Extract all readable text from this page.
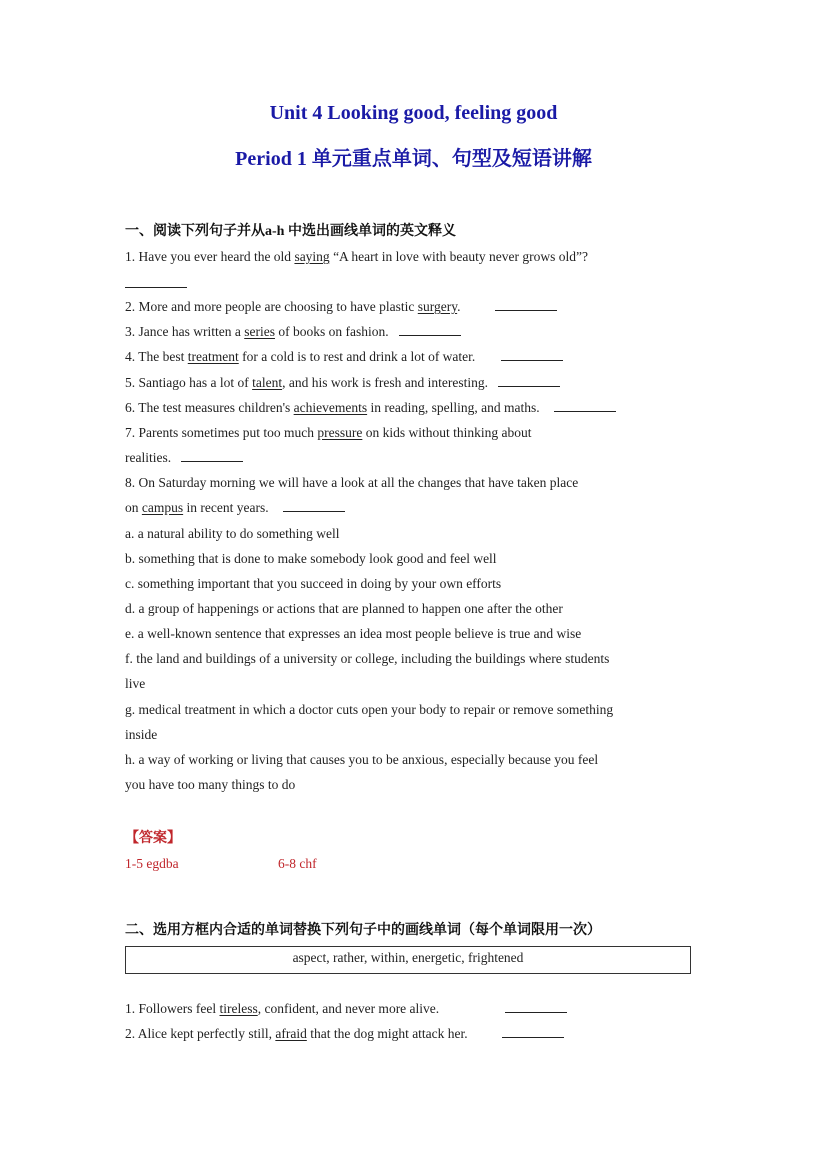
Unit 4 Looking good, feeling good
Period 1 单元重点单词、句型及短语讲解
一、阅读下列句子并从a-h 中选出画线单词的英文释义
1. Have you ever heard the old saying “A heart in love with beauty never grows old”?
2. More and more people are choosing to have plastic surgery.
3. Jance has written a series of books on fashion.
4. The best treatment for a cold is to rest and drink a lot of water.
5. Santiago has a lot of talent, and his work is fresh and interesting.
6. The test measures children's achievements in reading, spelling, and maths.
7. Parents sometimes put too much pressure on kids without thinking about
realities.
8. On Saturday morning we will have a look at all the changes that have taken place
on campus in recent years.
a. a natural ability to do something well
b. something that is done to make somebody look good and feel well
c. something important that you succeed in doing by your own efforts
d. a group of happenings or actions that are planned to happen one after the other
e. a well-known sentence that expresses an idea most people believe is true and wise
f. the land and buildings of a university or college, including the buildings where students
live
g. medical treatment in which a doctor cuts open your body to repair or remove something
inside
h. a way of working or living that causes you to be anxious, especially because you feel
you have too many things to do
【答案】
1-5 egdba	6-8 chf
二、选用方框内合适的单词替换下列句子中的画线单词（每个单词限用一次）
aspect, rather, within, energetic, frightened
1. Followers feel tireless, confident, and never more alive.
2. Alice kept perfectly still, afraid that the dog might attack her.
